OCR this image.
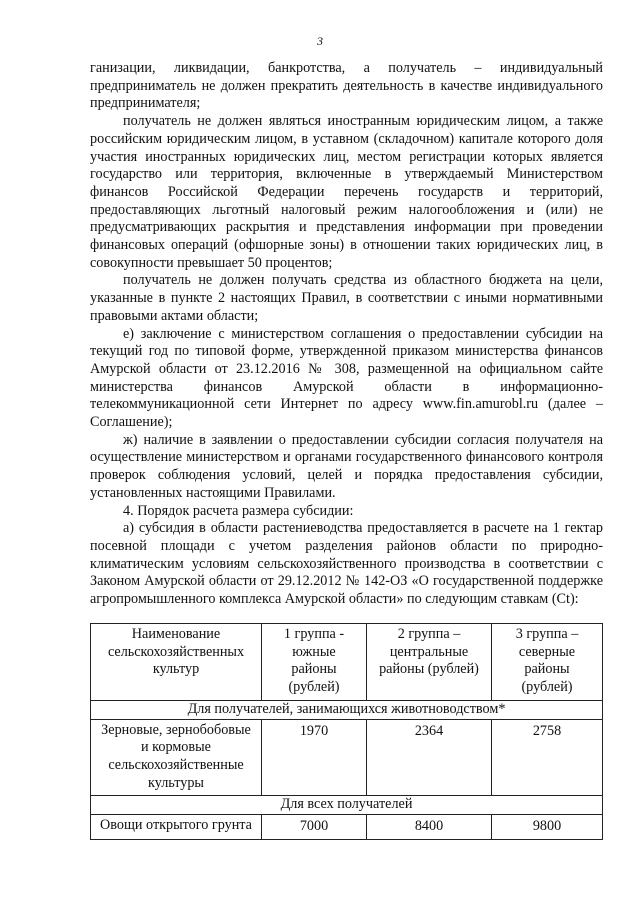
3

ганизации, ликвидации, банкротства, а получатель – индивидуальный предприниматель не должен прекратить деятельность в качестве индивидуального предпринимателя;

получатель не должен являться иностранным юридическим лицом, а также российским юридическим лицом, в уставном (складочном) капитале которого доля участия иностранных юридических лиц, местом регистрации которых является государство или территория, включенные в утверждаемый Министерством финансов Российской Федерации перечень государств и территорий, предоставляющих льготный налоговый режим налогообложения и (или) не предусматривающих раскрытия и представления информации при проведении финансовых операций (офшорные зоны) в отношении таких юридических лиц, в совокупности превышает 50 процентов;

получатель не должен получать средства из областного бюджета на цели, указанные в пункте 2 настоящих Правил, в соответствии с иными нормативными правовыми актами области;

е) заключение с министерством соглашения о предоставлении субсидии на текущий год по типовой форме, утвержденной приказом министерства финансов Амурской области от 23.12.2016 № 308, размещенной на официальном сайте министерства финансов Амурской области в информационно-телекоммуникационной сети Интернет по адресу www.fin.amurobl.ru (далее – Соглашение);

ж) наличие в заявлении о предоставлении субсидии согласия получателя на осуществление министерством и органами государственного финансового контроля проверок соблюдения условий, целей и порядка предоставления субсидии, установленных настоящими Правилами.

4. Порядок расчета размера субсидии:

а) субсидия в области растениеводства предоставляется в расчете на 1 гектар посевной площади с учетом разделения районов области по природно-климатическим условиям сельскохозяйственного производства в соответствии с Законом Амурской области от 29.12.2012 № 142-ОЗ «О государственной поддержке агропромышленного комплекса Амурской области» по следующим ставкам (Сt):

Наименование сельскохозяйственных культур	1 группа - южные районы (рублей)	2 группа – центральные районы (рублей)	3 группа – северные районы (рублей)
Для получателей, занимающихся животноводством*			
Зерновые, зернобобовые и кормовые сельскохозяйственные культуры	1970	2364	2758
Для всех получателей			
Овощи открытого грунта	7000	8400	9800
